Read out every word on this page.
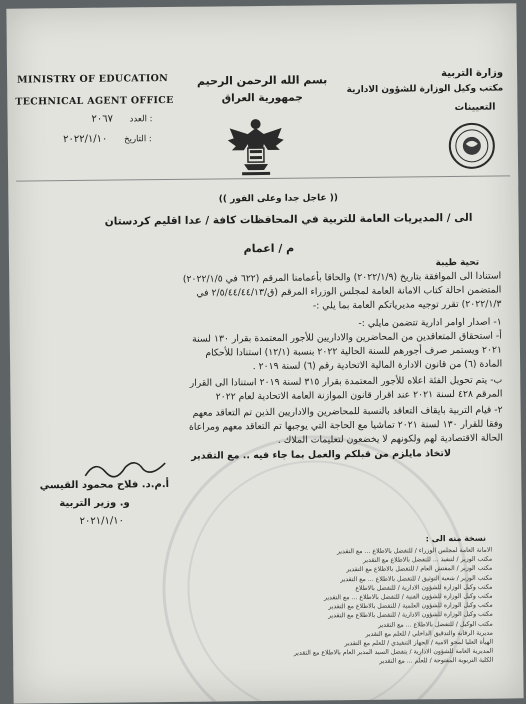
MINISTRY OF EDUCATION
TECHNICAL AGENT OFFICE
: العدد ٢٠٦٧
: التاريخ ٢٠٢٢/١/١٠
بسم الله الرحمن الرحيم
جمهورية العراق
وزارة التربية
مكتب وكيل الوزارة للشؤون الادارية
التعيينات
(( عاجل جدا وعلى الفور ))
الى / المديريات العامة للتربية في المحافظات كافة / عدا اقليم كردستان
م / اعمام
تحية طيبة
استنادا الى الموافقة بتاريخ (٢٠٢٢/١/٩) والحاقا بأعمامنا المرقم (٦٢٢ في ٢٠٢٢/١/٥)
المتضمن احالة كتاب الامانة العامة لمجلس الوزراء المرقم (ق/٢/٥/٤٤/٤٤/١٣ في
٢٠٢٢/١/٣) تقرر توجيه مديرياتكم العامة بما يلي :-
١- اصدار اوامر ادارية تتضمن مايلي :-
أ- استحقاق المتعاقدين من المحاضرين والاداريين للأجور المعتمدة بقرار ١٣٠ لسنة
٢٠٢١ ويستمر صرف أجورهم للسنة الحالية ٢٠٢٢ بنسبة (١٢/١) استنادا للأحكام
المادة (٦) من قانون الادارة المالية الاتحادية رقم (٦) لسنة ٢٠١٩ .
ب- يتم تحويل الفئة اعلاه للأجور المعتمدة بقرار ٣١٥ لسنة ٢٠١٩ استنادا الى القرار
المرقم ٤٢٨ لسنة ٢٠٢١ عند اقرار قانون الموازنة العامة الاتحادية لعام ٢٠٢٢
٢- قيام التربية بايقاف التعاقد بالنسبة للمحاضرين والاداريين الذين تم التعاقد معهم
وفقا للقرار ١٣٠ لسنة ٢٠٢١ تماشيا مع الحاجة التي يوجبها تم التعاقد معهم ومراعاة
الحالة الاقتصادية لهم ولكونهم لا يخضعون لتعليمات الملاك .
لاتخاذ مايلزم من قبلكم والعمل بما جاء فيه .. مع التقدير
أ.م.د. فلاح محمود القيسي
و. وزير التربية
٢٠٢١/١/١٠
نسخة منه الى :
الامانة العامة لمجلس الوزراء / للتفضل بالاطلاع ... مع التقدير
مكتب الوزير / لتنفيذ ... للتفضل بالاطلاع مع التقدير
مكتب الوزير / المفتش العام / للتفضل بالاطلاع مع التقدير
مكتب الوزير / شعبة التوثيق / للتفضل بالاطلاع ... مع التقدير
مكتب وكيل الوزارة للشؤون الادارية / للتفضل بالاطلاع
مكتب وكيل الوزارة للشؤون الفنية / للتفضل بالاطلاع ... مع التقدير
مكتب وكيل الوزارة للشؤون العلمية / للتفضل بالاطلاع مع التقدير
مكتب وكيل الوزارة للشؤون الادارية / للتفضل بالاطلاع مع التقدير
مكتب الوكيل / للتفضل بالاطلاع ... مع التقدير
مديرية الرقابة والتدقيق الداخلي / للعلم مع التقدير
الهيأة العليا لمحو الامية / الجهاز التنفيذي / للعلم مع التقدير
المديرية العامة للشؤون الادارية / يتفضل السيد المدير العام بالاطلاع مع التقدير
الكلية التربوية المفتوحة / للعلم ... مع التقدير
